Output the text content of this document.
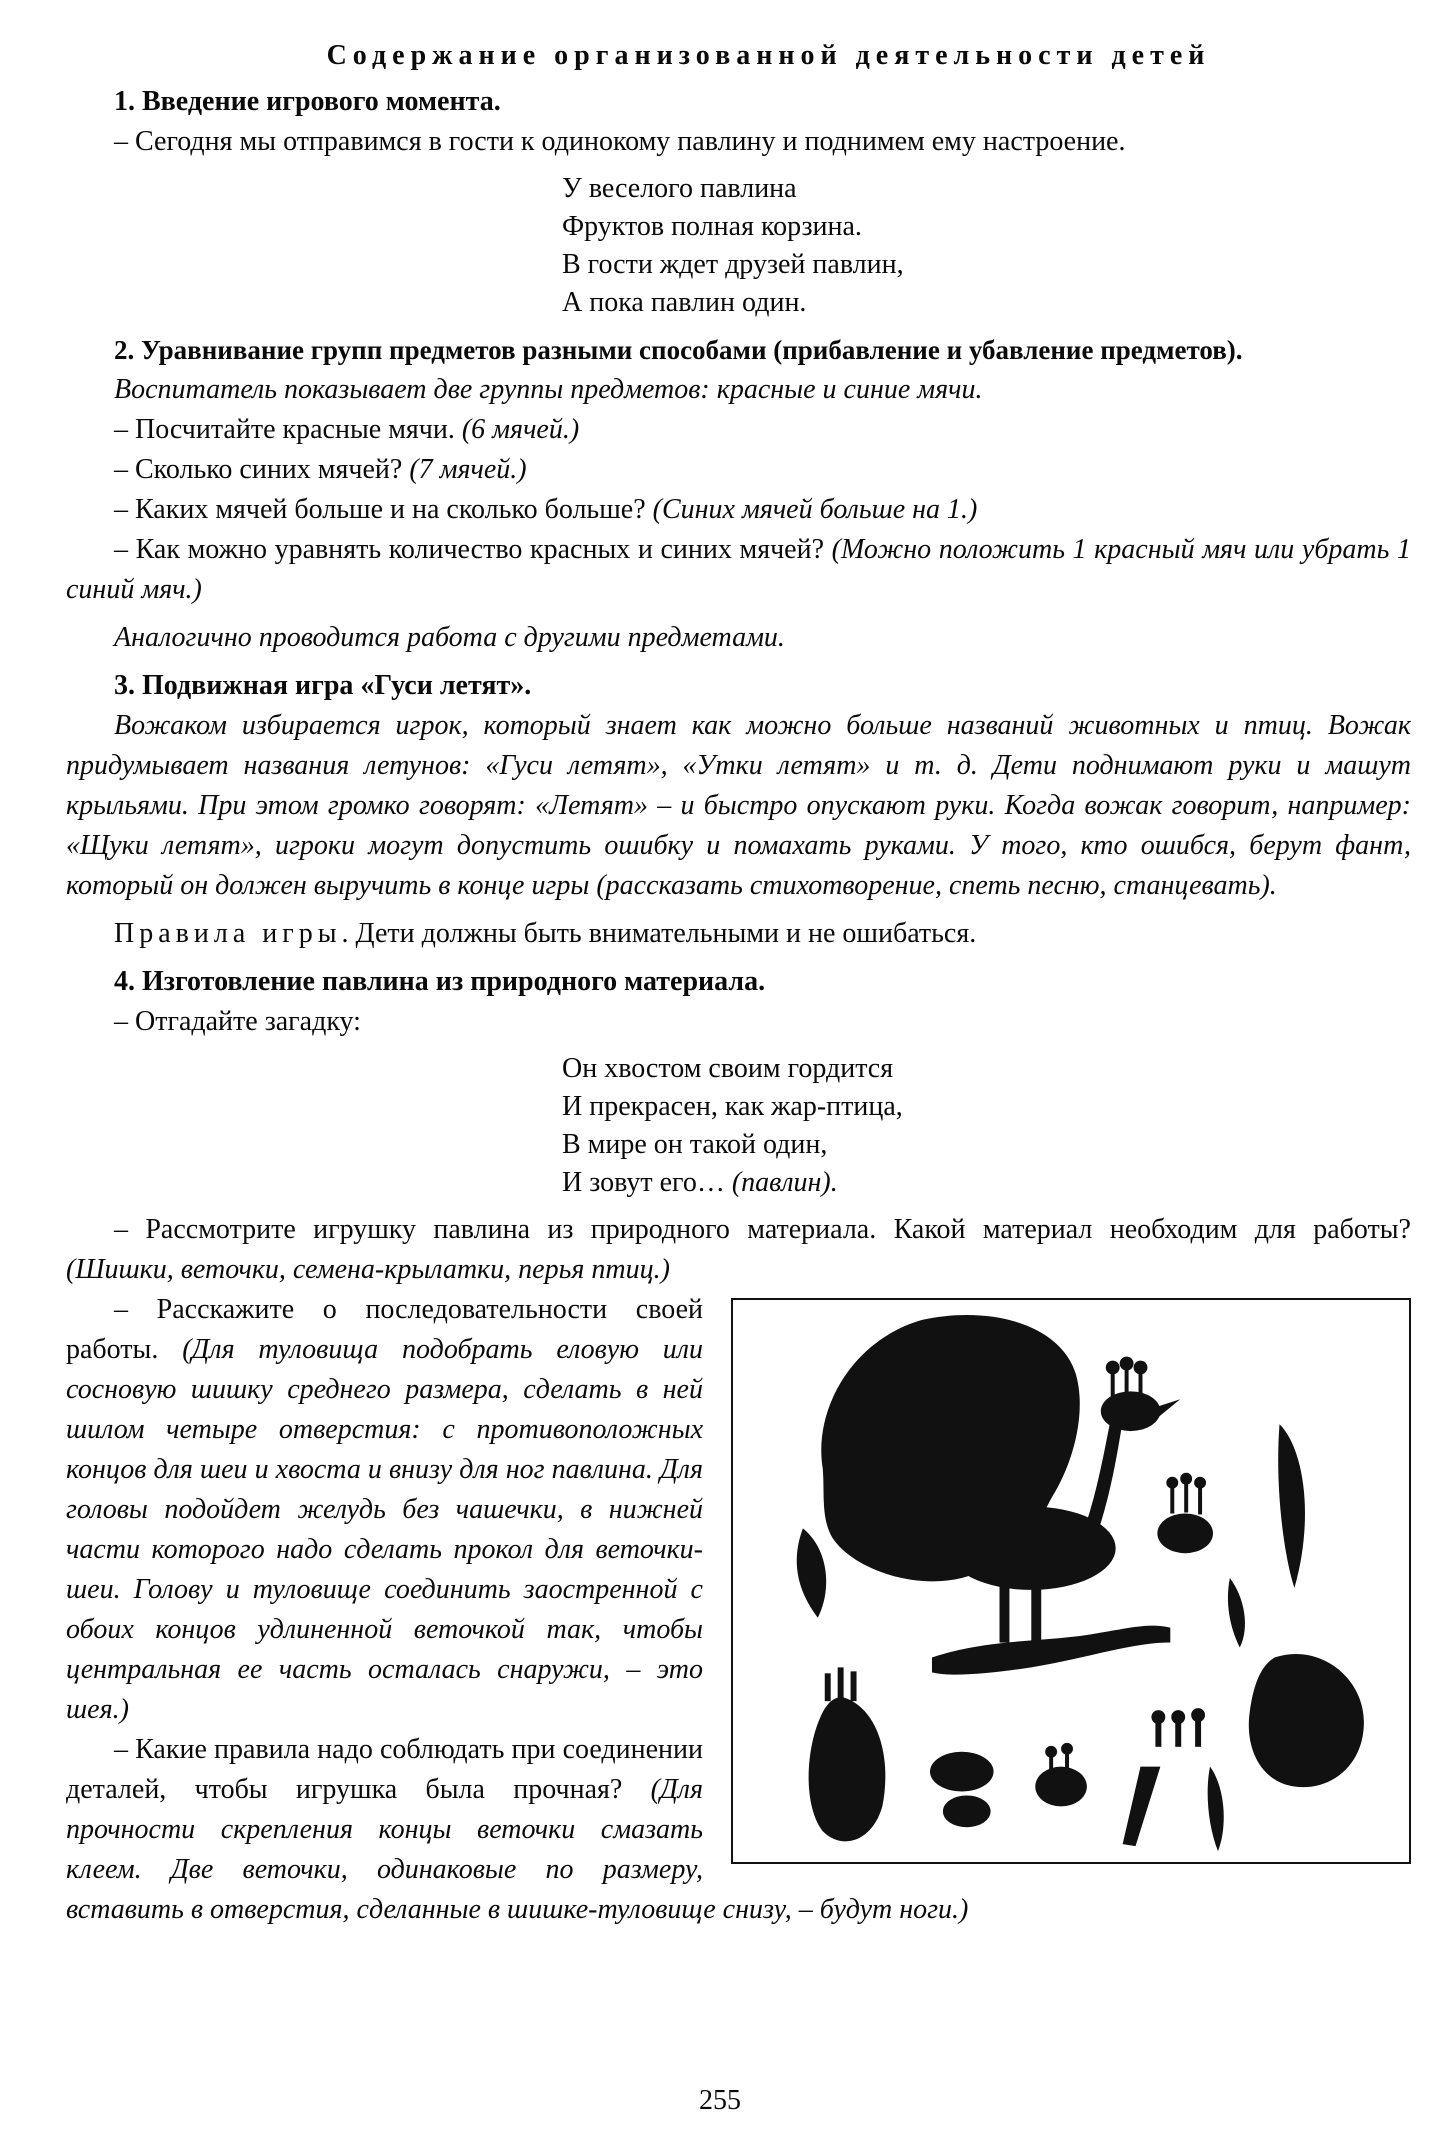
Содержание организованной деятельности детей

1. Введение игрового момента.

– Сегодня мы отправимся в гости к одинокому павлину и поднимем ему настроение.

У веселого павлина
Фруктов полная корзина.
В гости ждет друзей павлин,
А пока павлин один.

2. Уравнивание групп предметов разными способами (прибавление и убавление предметов).

Воспитатель показывает две группы предметов: красные и синие мячи.

– Посчитайте красные мячи. (6 мячей.)

– Сколько синих мячей? (7 мячей.)

– Каких мячей больше и на сколько больше? (Синих мячей больше на 1.)

– Как можно уравнять количество красных и синих мячей? (Можно положить 1 красный мяч или убрать 1 синий мяч.)

Аналогично проводится работа с другими предметами.

3. Подвижная игра «Гуси летят».

Вожаком избирается игрок, который знает как можно больше названий животных и птиц. Вожак придумывает названия летунов: «Гуси летят», «Утки летят» и т. д. Дети поднимают руки и машут крыльями. При этом громко говорят: «Летят» – и быстро опускают руки. Когда вожак говорит, например: «Щуки летят», игроки могут допустить ошибку и помахать руками. У того, кто ошибся, берут фант, который он должен выручить в конце игры (рассказать стихотворение, спеть песню, станцевать).

Правила игры. Дети должны быть внимательными и не ошибаться.

4. Изготовление павлина из природного материала.

– Отгадайте загадку:

Он хвостом своим гордится
И прекрасен, как жар-птица,
В мире он такой один,
И зовут его… (павлин).

– Рассмотрите игрушку павлина из природного материала. Какой материал необходим для работы? (Шишки, веточки, семена-крылатки, перья птиц.)

– Расскажите о последовательности своей работы. (Для туловища подобрать еловую или сосновую шишку среднего размера, сделать в ней шилом четыре отверстия: с противоположных концов для шеи и хвоста и внизу для ног павлина. Для головы подойдет желудь без чашечки, в нижней части которого надо сделать прокол для веточки-шеи. Голову и туловище соединить заостренной с обоих концов удлиненной веточкой так, чтобы центральная ее часть осталась снаружи, – это шея.)

– Какие правила надо соблюдать при соединении деталей, чтобы игрушка была прочная? (Для прочности скрепления концы веточки смазать клеем. Две веточки, одинаковые по размеру, вставить в отверстия, сделанные в шишке-туловище снизу, – будут ноги.)

255
